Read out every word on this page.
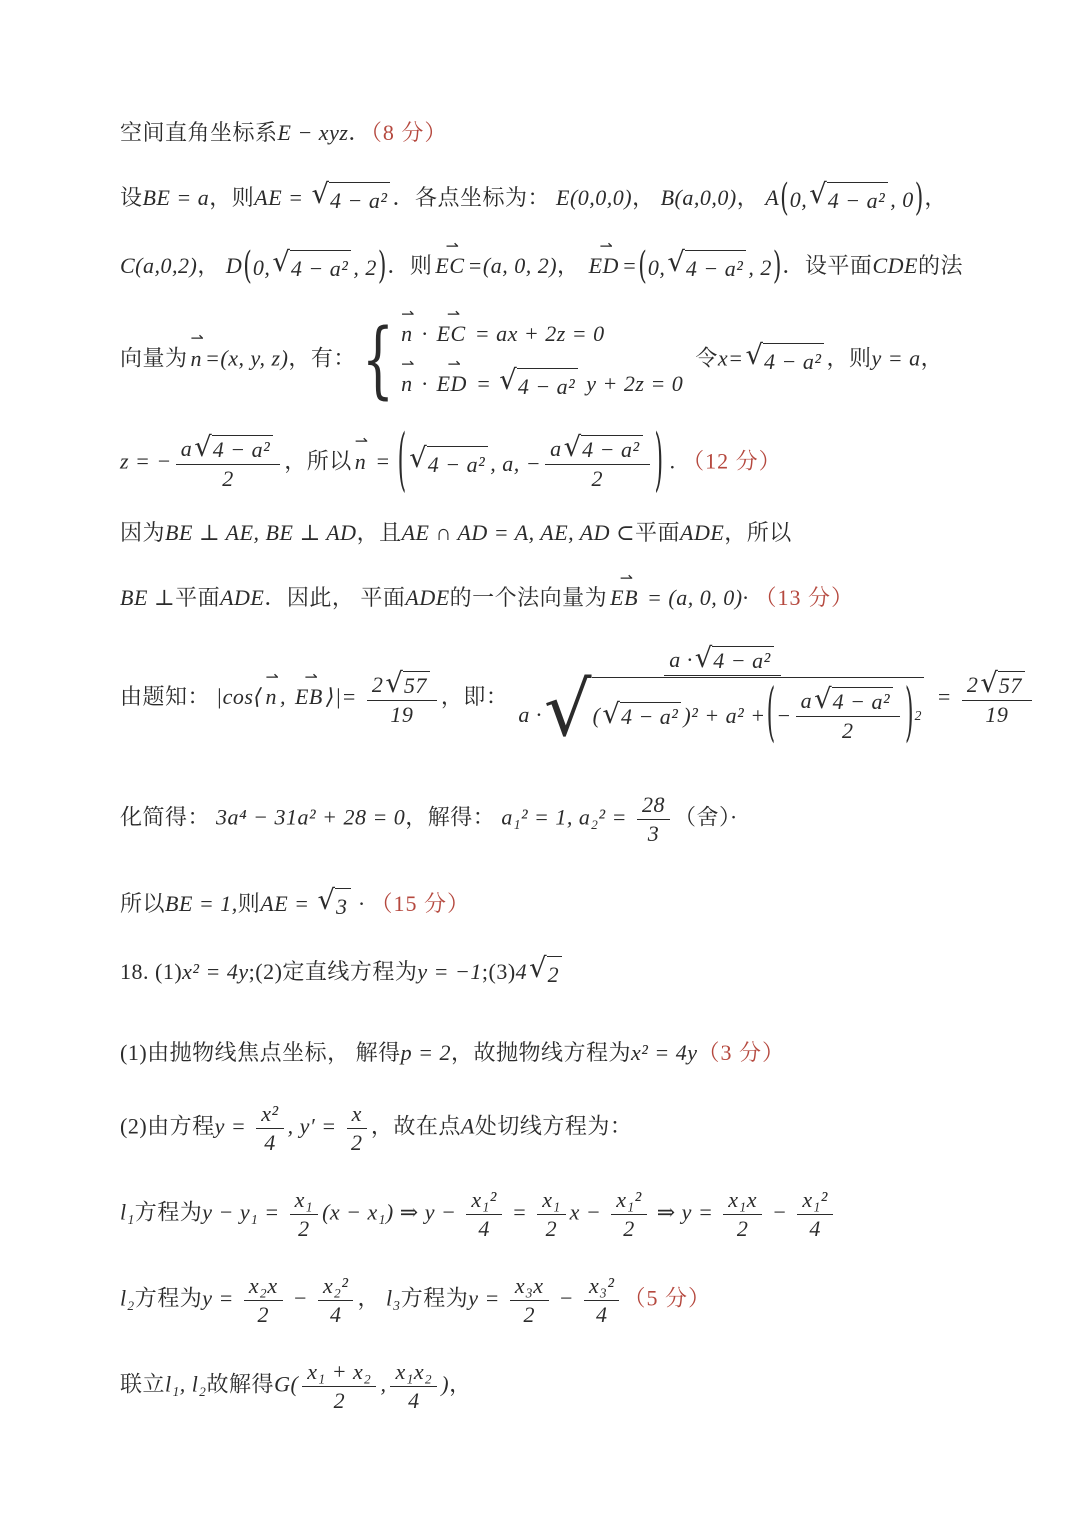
空间直角坐标系E − xyz．（8 分）
设BE = a，则AE = √ 4 − a² ．各点坐标为： E(0,0,0)， B(a,0,0)， A ( 0, √ 4 − a² , 0 ) ，
C(a,0,2)， D ( 0, √ 4 − a² , 2 ) ．则
⇀
EC =(a, 0, 2)，
⇀
ED = ( 0, √ 4 − a² , 2 ) ．设平面CDE的法
向量为
⇀
n =(x, y, z)，有： { ⇀
n ·
⇀
EC = ax + 2z = 0
⇀
n ·
⇀
ED = √ 4 − a² y + 2z = 0
令x= √ 4 − a² ，则y = a，
z = − $\frac{\text{a √ 4 − a²}}{2}$ ，所以
⇀
n = ( √ 4 − a² , a, − $\frac{\text{a √ 4 − a²}}{2}$ ) . （12 分）
因为BE ⊥ AE, BE ⊥ AD，且AE ∩ AD = A, AE, AD ⊂平面ADE，所以
BE ⊥平面ADE．因此， 平面ADE的一个法向量为
⇀
EB = (a, 0, 0)· （13 分）
由题知： |cos⟨
⇀
n ,
⇀
EB ⟩|= $\frac{2 √ 57}{19}$ ，即： $\frac{\text{a · √ 4 − a²}}{a \cdot √ ( √ 4 - a^2 )^2 + a^2 + ( - \frac{\text{a √ 4 − a²}}{2} ) 2} = \frac{2 √ 57}{19}$
化简得： 3a⁴ − 31a² + 28 = 0，解得： a₁² = 1, $a_2^2 = \frac{28}{3}$ （舍）·
所以BE = 1,则AE = √ 3 · （15 分）
18. (1)x² = 4y;(2)定直线方程为y = −1;(3)4 √ 2
(1)由抛物线焦点坐标， 解得p = 2，故抛物线方程为x² = 4y（3 分）
(2)由方程$y = \frac{\text{x²}}{4}$ , $y' = \frac{x}{2}$ ，故在点A处切线方程为：
l₁方程为$y - y_1 = \frac{\text{x₁}}{2} (x - x_1)$ ⇒ $y - \frac{\text{x₁²}}{4} = \frac{\text{x₁}}{2}$ $x - \frac{\text{x₁²}}{2}$ ⇒ $y = \frac{\text{x₁x}}{2} - \frac{\text{x₁²}}{4}$
l₂方程为$y = \frac{\text{x₂x}}{2} - \frac{\text{x₂²}}{4}$ ， l₃方程为$y = \frac{\text{x₃x}}{2} - \frac{\text{x₃²}}{4} (5$ 分）
联立l₁, l₂故解得$G( \frac{\text{x₁ + x₂}}{2}$ , $\frac{\text{x₁x₂}}{4}$ )，
